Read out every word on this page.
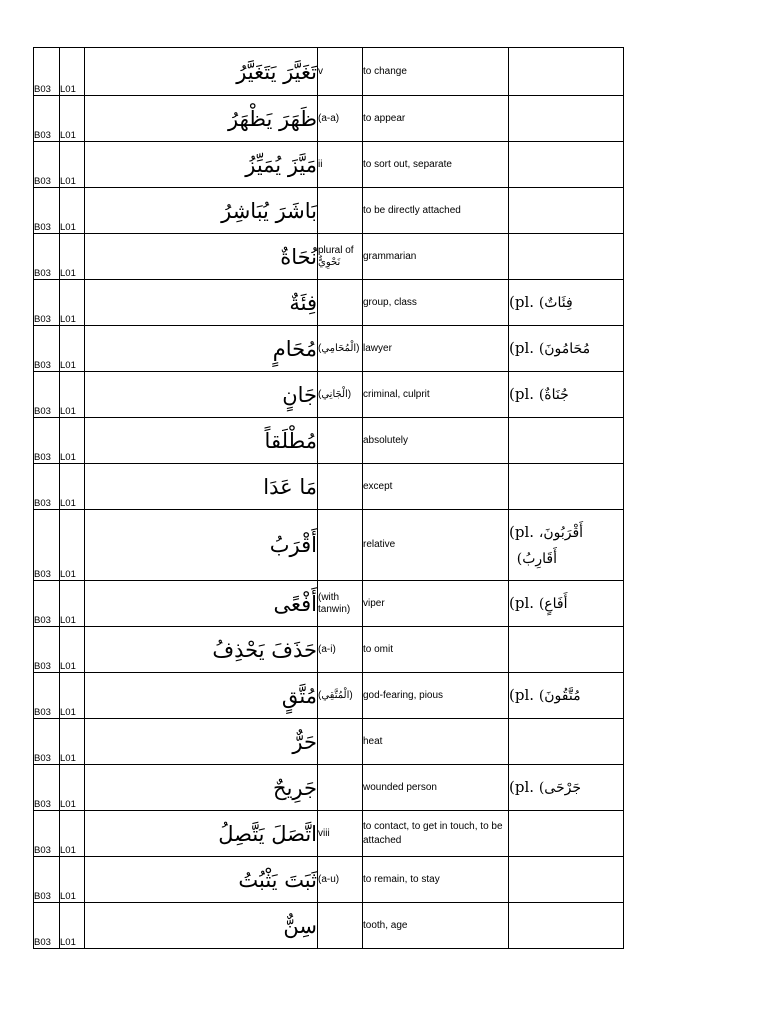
B03	L01	تَغَيَّرَ يَتَغَيَّرُ	v	to change	
B03	L01	ظَهَرَ يَظْهَرُ	(a-a)	to appear	
B03	L01	مَيَّزَ يُمَيِّزُ	ii	to sort out, separate	
B03	L01	بَاشَرَ يُبَاشِرُ		to be directly attached	
B03	L01	نُحَاةٌ	plural of نَحْوِيٌّ	grammarian	
B03	L01	فِئَةٌ		group, class	(pl. فِئَاتٌ)

B03	L01	مُحَامٍ	(الْمُحَامِي)	lawyer	(pl. مُحَامُونَ)

B03	L01	جَانٍ	(الْجَانِي)	criminal, culprit	(pl. جُنَاةٌ)

B03	L01	مُطْلَقاً		absolutely	
B03	L01	مَا عَدَا		except	
B03	L01	أَقْرَبُ		relative	(pl. أَقْرَبُونَ،
أَقَارِبُ)

B03	L01	أَفْعًى	(with tanwin)	viper	(pl. أَفَاعٍ)

B03	L01	حَذَفَ يَحْذِفُ	(a-i)	to omit	
B03	L01	مُتَّقٍ	(الْمُتَّقِي)	god-fearing, pious	(pl. مُتَّقُونَ)

B03	L01	حَرٌّ		heat	
B03	L01	جَرِيحٌ		wounded person	(pl. جَرْحَى)

B03	L01	اتَّصَلَ يَتَّصِلُ	viii	to contact, to get in touch, to be attached	
B03	L01	ثَبَتَ يَثْبُتُ	(a-u)	to remain, to stay	
B03	L01	سِنٌّ		tooth, age	
